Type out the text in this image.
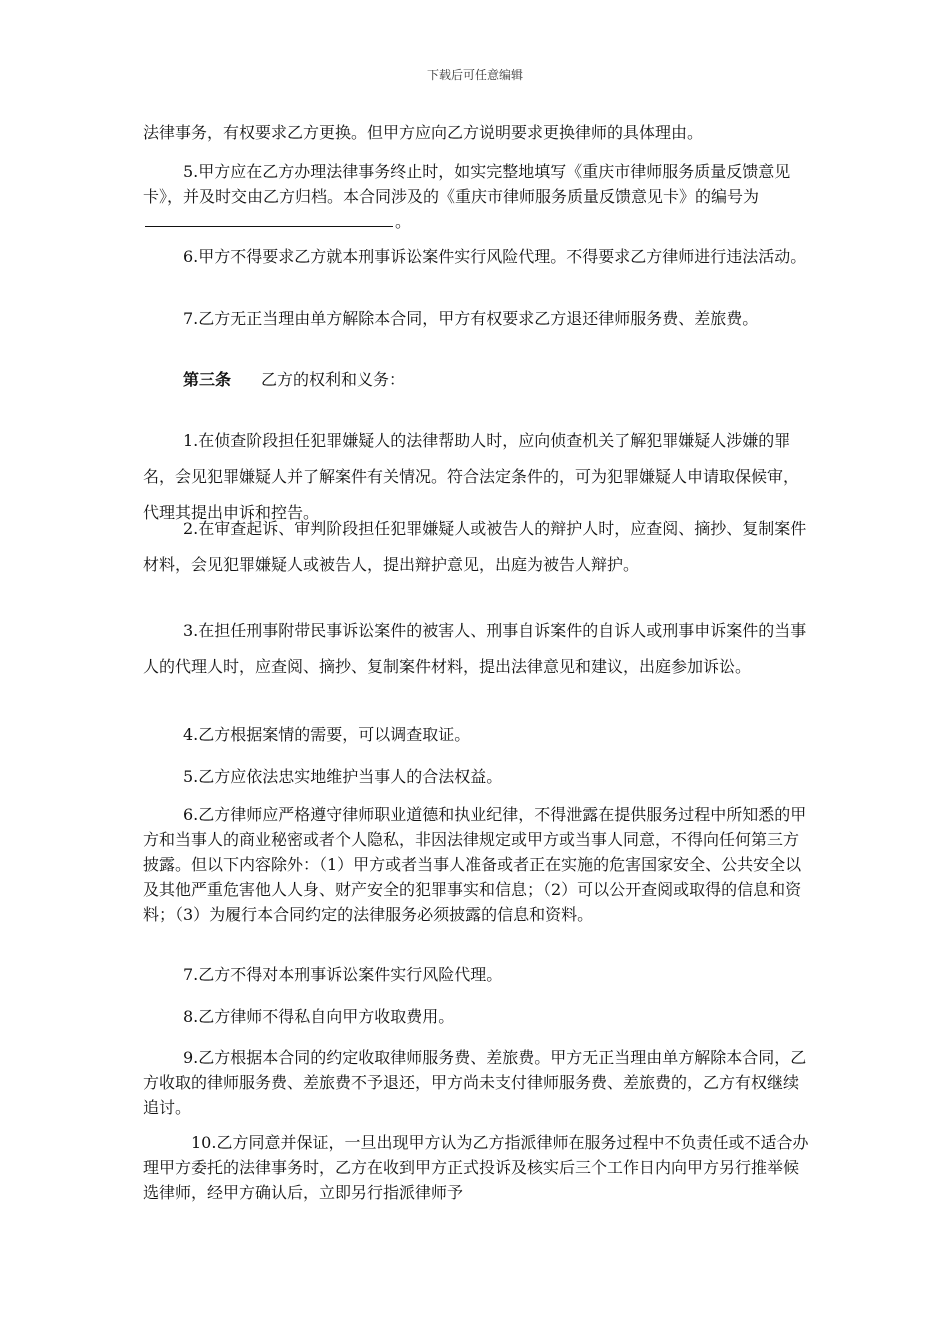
下载后可任意编辑

法律事务，有权要求乙方更换。但甲方应向乙方说明要求更换律师的具体理由。

5.甲方应在乙方办理法律事务终止时，如实完整地填写《重庆市律师服务质量反馈意见卡》，并及时交由乙方归档。本合同涉及的《重庆市律师服务质量反馈意见卡》的编号为。

6.甲方不得要求乙方就本刑事诉讼案件实行风险代理。不得要求乙方律师进行违法活动。

7.乙方无正当理由单方解除本合同，甲方有权要求乙方退还律师服务费、差旅费。

第三条 乙方的权利和义务：

1.在侦查阶段担任犯罪嫌疑人的法律帮助人时，应向侦查机关了解犯罪嫌疑人涉嫌的罪名，会见犯罪嫌疑人并了解案件有关情况。符合法定条件的，可为犯罪嫌疑人申请取保候审，代理其提出申诉和控告。

2.在审查起诉、审判阶段担任犯罪嫌疑人或被告人的辩护人时，应查阅、摘抄、复制案件材料，会见犯罪嫌疑人或被告人，提出辩护意见，出庭为被告人辩护。

3.在担任刑事附带民事诉讼案件的被害人、刑事自诉案件的自诉人或刑事申诉案件的当事人的代理人时，应查阅、摘抄、复制案件材料，提出法律意见和建议，出庭参加诉讼。

4.乙方根据案情的需要，可以调查取证。

5.乙方应依法忠实地维护当事人的合法权益。

6.乙方律师应严格遵守律师职业道德和执业纪律，不得泄露在提供服务过程中所知悉的甲方和当事人的商业秘密或者个人隐私，非因法律规定或甲方或当事人同意，不得向任何第三方披露。但以下内容除外：（1）甲方或者当事人准备或者正在实施的危害国家安全、公共安全以及其他严重危害他人人身、财产安全的犯罪事实和信息；（2）可以公开查阅或取得的信息和资料；（3）为履行本合同约定的法律服务必须披露的信息和资料。

7.乙方不得对本刑事诉讼案件实行风险代理。

8.乙方律师不得私自向甲方收取费用。

9.乙方根据本合同的约定收取律师服务费、差旅费。甲方无正当理由单方解除本合同，乙方收取的律师服务费、差旅费不予退还，甲方尚未支付律师服务费、差旅费的，乙方有权继续追讨。

10.乙方同意并保证，一旦出现甲方认为乙方指派律师在服务过程中不负责任或不适合办理甲方委托的法律事务时，乙方在收到甲方正式投诉及核实后三个工作日内向甲方另行推举候选律师，经甲方确认后，立即另行指派律师予
